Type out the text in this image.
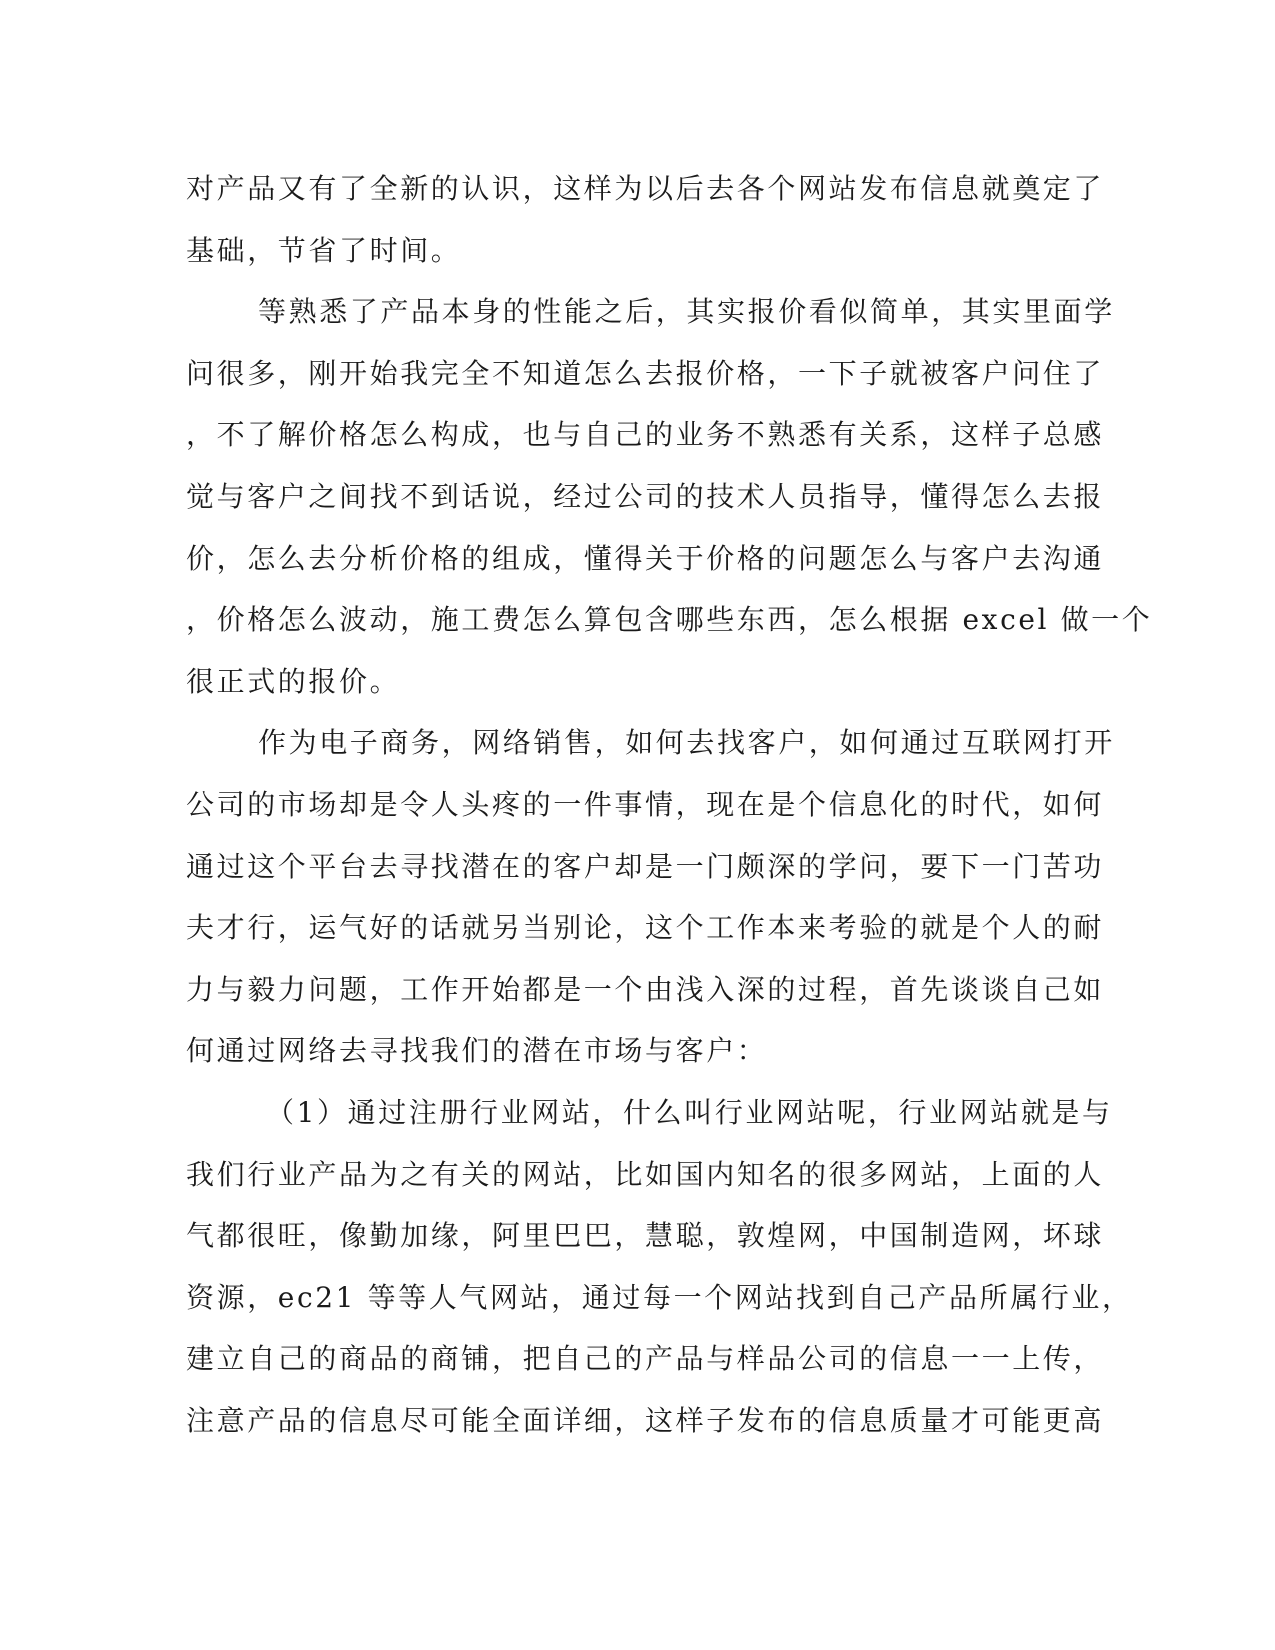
对产品又有了全新的认识，这样为以后去各个网站发布信息就奠定了
基础，节省了时间。
等熟悉了产品本身的性能之后，其实报价看似简单，其实里面学
问很多，刚开始我完全不知道怎么去报价格，一下子就被客户问住了
，不了解价格怎么构成，也与自己的业务不熟悉有关系，这样子总感
觉与客户之间找不到话说，经过公司的技术人员指导，懂得怎么去报
价，怎么去分析价格的组成，懂得关于价格的问题怎么与客户去沟通
，价格怎么波动，施工费怎么算包含哪些东西，怎么根据 excel 做一个
很正式的报价。
作为电子商务，网络销售，如何去找客户，如何通过互联网打开
公司的市场却是令人头疼的一件事情，现在是个信息化的时代，如何
通过这个平台去寻找潜在的客户却是一门颇深的学问，要下一门苦功
夫才行，运气好的话就另当别论，这个工作本来考验的就是个人的耐
力与毅力问题，工作开始都是一个由浅入深的过程，首先谈谈自己如
何通过网络去寻找我们的潜在市场与客户：
（1）通过注册行业网站，什么叫行业网站呢，行业网站就是与
我们行业产品为之有关的网站，比如国内知名的很多网站，上面的人
气都很旺，像勤加缘，阿里巴巴，慧聪，敦煌网，中国制造网，坏球
资源，ec21 等等人气网站，通过每一个网站找到自己产品所属行业，
建立自己的商品的商铺，把自己的产品与样品公司的信息一一上传，
注意产品的信息尽可能全面详细，这样子发布的信息质量才可能更高
